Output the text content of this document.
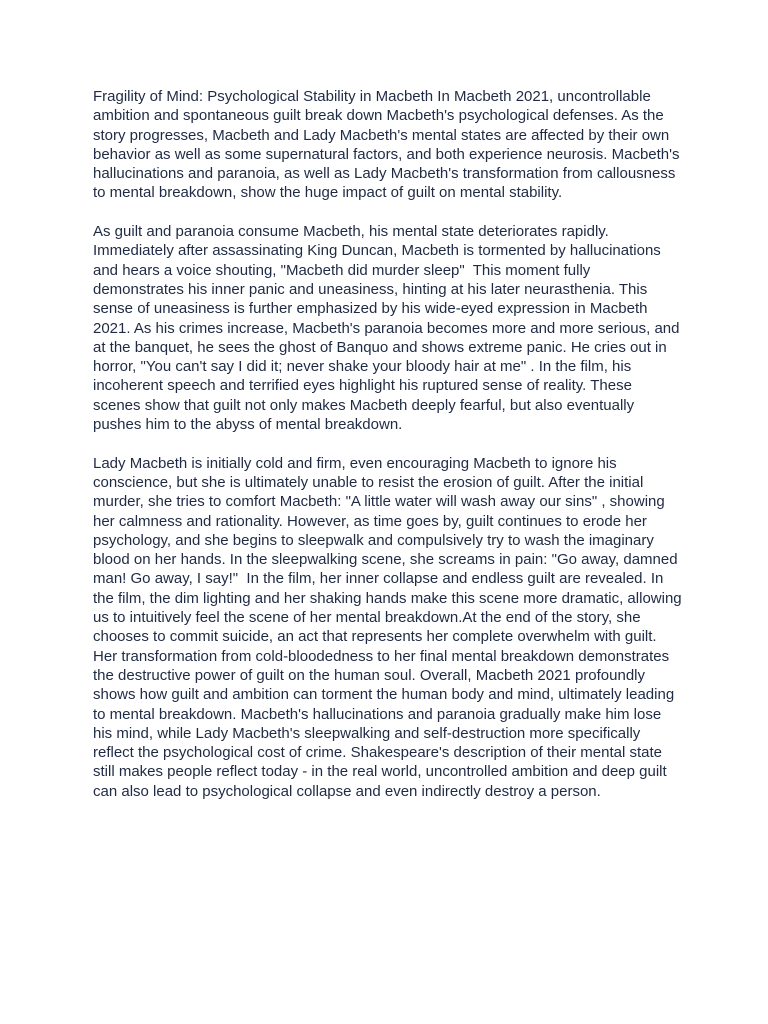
Fragility of Mind: Psychological Stability in Macbeth In Macbeth 2021, uncontrollable ambition and spontaneous guilt break down Macbeth's psychological defenses. As the story progresses, Macbeth and Lady Macbeth's mental states are affected by their own behavior as well as some supernatural factors, and both experience neurosis. Macbeth's hallucinations and paranoia, as well as Lady Macbeth's transformation from callousness to mental breakdown, show the huge impact of guilt on mental stability.

As guilt and paranoia consume Macbeth, his mental state deteriorates rapidly. Immediately after assassinating King Duncan, Macbeth is tormented by hallucinations and hears a voice shouting, "Macbeth did murder sleep"  This moment fully demonstrates his inner panic and uneasiness, hinting at his later neurasthenia. This sense of uneasiness is further emphasized by his wide-eyed expression in Macbeth 2021. As his crimes increase, Macbeth's paranoia becomes more and more serious, and at the banquet, he sees the ghost of Banquo and shows extreme panic. He cries out in horror, "You can't say I did it; never shake your bloody hair at me" . In the film, his incoherent speech and terrified eyes highlight his ruptured sense of reality. These scenes show that guilt not only makes Macbeth deeply fearful, but also eventually pushes him to the abyss of mental breakdown.

Lady Macbeth is initially cold and firm, even encouraging Macbeth to ignore his conscience, but she is ultimately unable to resist the erosion of guilt. After the initial murder, she tries to comfort Macbeth: "A little water will wash away our sins" , showing her calmness and rationality. However, as time goes by, guilt continues to erode her psychology, and she begins to sleepwalk and compulsively try to wash the imaginary blood on her hands. In the sleepwalking scene, she screams in pain: "Go away, damned man! Go away, I say!"  In the film, her inner collapse and endless guilt are revealed. In the film, the dim lighting and her shaking hands make this scene more dramatic, allowing us to intuitively feel the scene of her mental breakdown.At the end of the story, she chooses to commit suicide, an act that represents her complete overwhelm with guilt. Her transformation from cold-bloodedness to her final mental breakdown demonstrates the destructive power of guilt on the human soul. Overall, Macbeth 2021 profoundly shows how guilt and ambition can torment the human body and mind, ultimately leading to mental breakdown. Macbeth's hallucinations and paranoia gradually make him lose his mind, while Lady Macbeth's sleepwalking and self-destruction more specifically reflect the psychological cost of crime. Shakespeare's description of their mental state still makes people reflect today - in the real world, uncontrolled ambition and deep guilt can also lead to psychological collapse and even indirectly destroy a person.
